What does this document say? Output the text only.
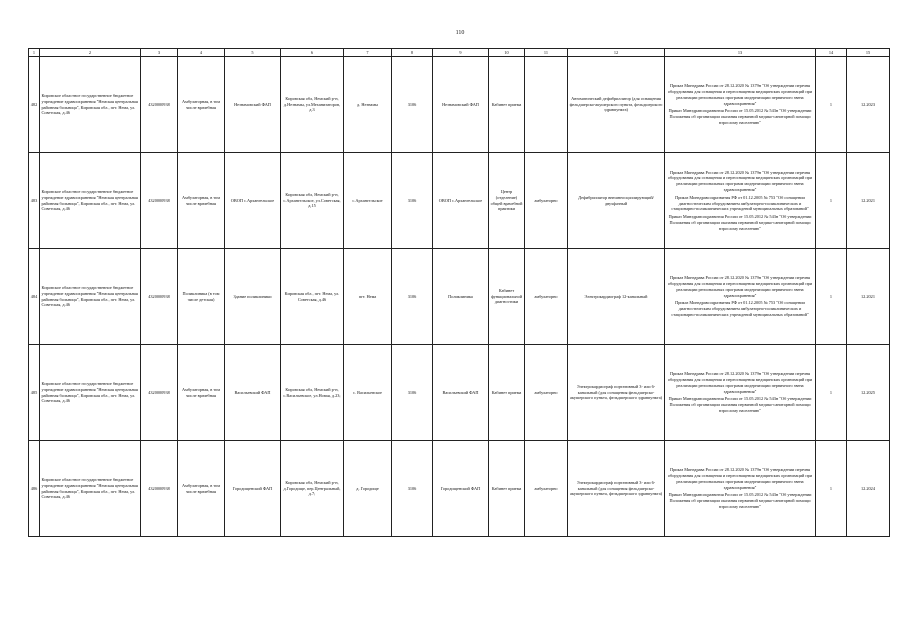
110
1	2	3	4	5	6	7	8	9	10	11	12	13	14	15
482	Кировское областное государственное бюджетное учреждение здравоохранения "Немская центральная районная больница", Кировская обл., пгт. Нема, ул. Советская, д.46	4320000938	Амбулаторная, в том числе врачебная	Незнамовский ФАП	Кировская обл, Немский р-н, д.Незнамы, ул.Механизаторов, д.3	д. Незнамы	3106	Незнамовский ФАП	Кабинет приема		Автоматический дефибриллятор (для оснащения фельдшерско-акушерского пункта, фельдшерского здравпункта)	Приказ Минздрава России от 28.12.2020 № 1379н "Об утверждении перечня оборудования для оснащения и переоснащения медицинских организаций при реализации региональных программ модернизации первичного звена здравоохранения"
Приказ Минздравсоцразвития России от 15.05.2012 № 543н "Об утверждении Положения об организации оказания первичной медико-санитарной помощи взрослому населению"	1	12.2023
483	Кировское областное государственное бюджетное учреждение здравоохранения "Немская центральная районная больница", Кировская обл., пгт. Нема, ул. Советская, д.46	4320000938	Амбулаторная, в том числе врачебная	ОВОП с.Архангельское	Кировская обл, Немский р-н, с.Архангельское, ул.Советская, д.15	с.Архангельское	3106	ОВОП с.Архангельское	Центр (отделение) общей врачебной практики	амбулаторно	Дефибриллятор внешнеосциллирующий/двухфазный	Приказ Минздрава России от 28.12.2020 № 1379н "Об утверждении перечня оборудования для оснащения и переоснащения медицинских организаций при реализации региональных программ модернизации первичного звена здравоохранения"
Приказ Минздравсоцразвития РФ от 01.12.2005 № 753 "Об оснащении диагностическим оборудованием амбулаторно-поликлинических и стационарно-поликлинических учреждений муниципальных образований"
Приказ Минздравсоцразвития России от 15.05.2012 № 543н "Об утверждении Положения об организации оказания первичной медико-санитарной помощи взрослому населению"	1	12.2021
484	Кировское областное государственное бюджетное учреждение здравоохранения "Немская центральная районная больница", Кировская обл., пгт. Нема, ул. Советская, д.46	4320000938	Поликлиника (в том числе детская)	Здание поликлиники	Кировская обл., пгт. Нема, ул. Советская, д.46	пгт. Нема	3106	Поликлиника	Кабинет функциональной диагностики	амбулаторно	Электрокардиограф 12-канальный	Приказ Минздрава России от 28.12.2020 № 1379н "Об утверждении перечня оборудования для оснащения и переоснащения медицинских организаций при реализации региональных программ модернизации первичного звена здравоохранения"
Приказ Минздравсоцразвития РФ от 01.12.2005 № 753 "Об оснащении диагностическим оборудованием амбулаторно-поликлинических и стационарно-поликлинических учреждений муниципальных образований"	1	12.2021
485	Кировское областное государственное бюджетное учреждение здравоохранения "Немская центральная районная больница", Кировская обл., пгт. Нема, ул. Советская, д.46	4320000938	Амбулаторная, в том числе врачебная	Васильевский ФАП	Кировская обл, Немский р-н, с.Васильевское, ул.Новая, д.23;	с. Васильевское	3106	Васильевский ФАП	Кабинет приема	амбулаторно	Электрокардиограф портативный 3- или 6-канальный (для оснащения фельдшерско-акушерского пункта, фельдшерского здравпункта)	Приказ Минздрава России от 28.12.2020 № 1379н "Об утверждении перечня оборудования для оснащения и переоснащения медицинских организаций при реализации региональных программ модернизации первичного звена здравоохранения"
Приказ Минздравсоцразвития России от 15.05.2012 № 543н "Об утверждении Положения об организации оказания первичной медико-санитарной помощи взрослому населению"	1	12.2025
486	Кировское областное государственное бюджетное учреждение здравоохранения "Немская центральная районная больница", Кировская обл., пгт. Нема, ул. Советская, д.46	4320000938	Амбулаторная, в том числе врачебная	Городищенский ФАП	Кировская обл, Немский р-н, д.Городище, пер.Центральный, д.7;	д. Городище	3106	Городищенский ФАП	Кабинет приема	амбулаторно	Электрокардиограф портативный 3- или 6-канальный (для оснащения фельдшерско-акушерского пункта, фельдшерского здравпункта)	Приказ Минздрава России от 28.12.2020 № 1379н "Об утверждении перечня оборудования для оснащения и переоснащения медицинских организаций при реализации региональных программ модернизации первичного звена здравоохранения"
Приказ Минздравсоцразвития России от 15.05.2012 № 543н "Об утверждении Положения об организации оказания первичной медико-санитарной помощи взрослому населению"	1	12.2024
